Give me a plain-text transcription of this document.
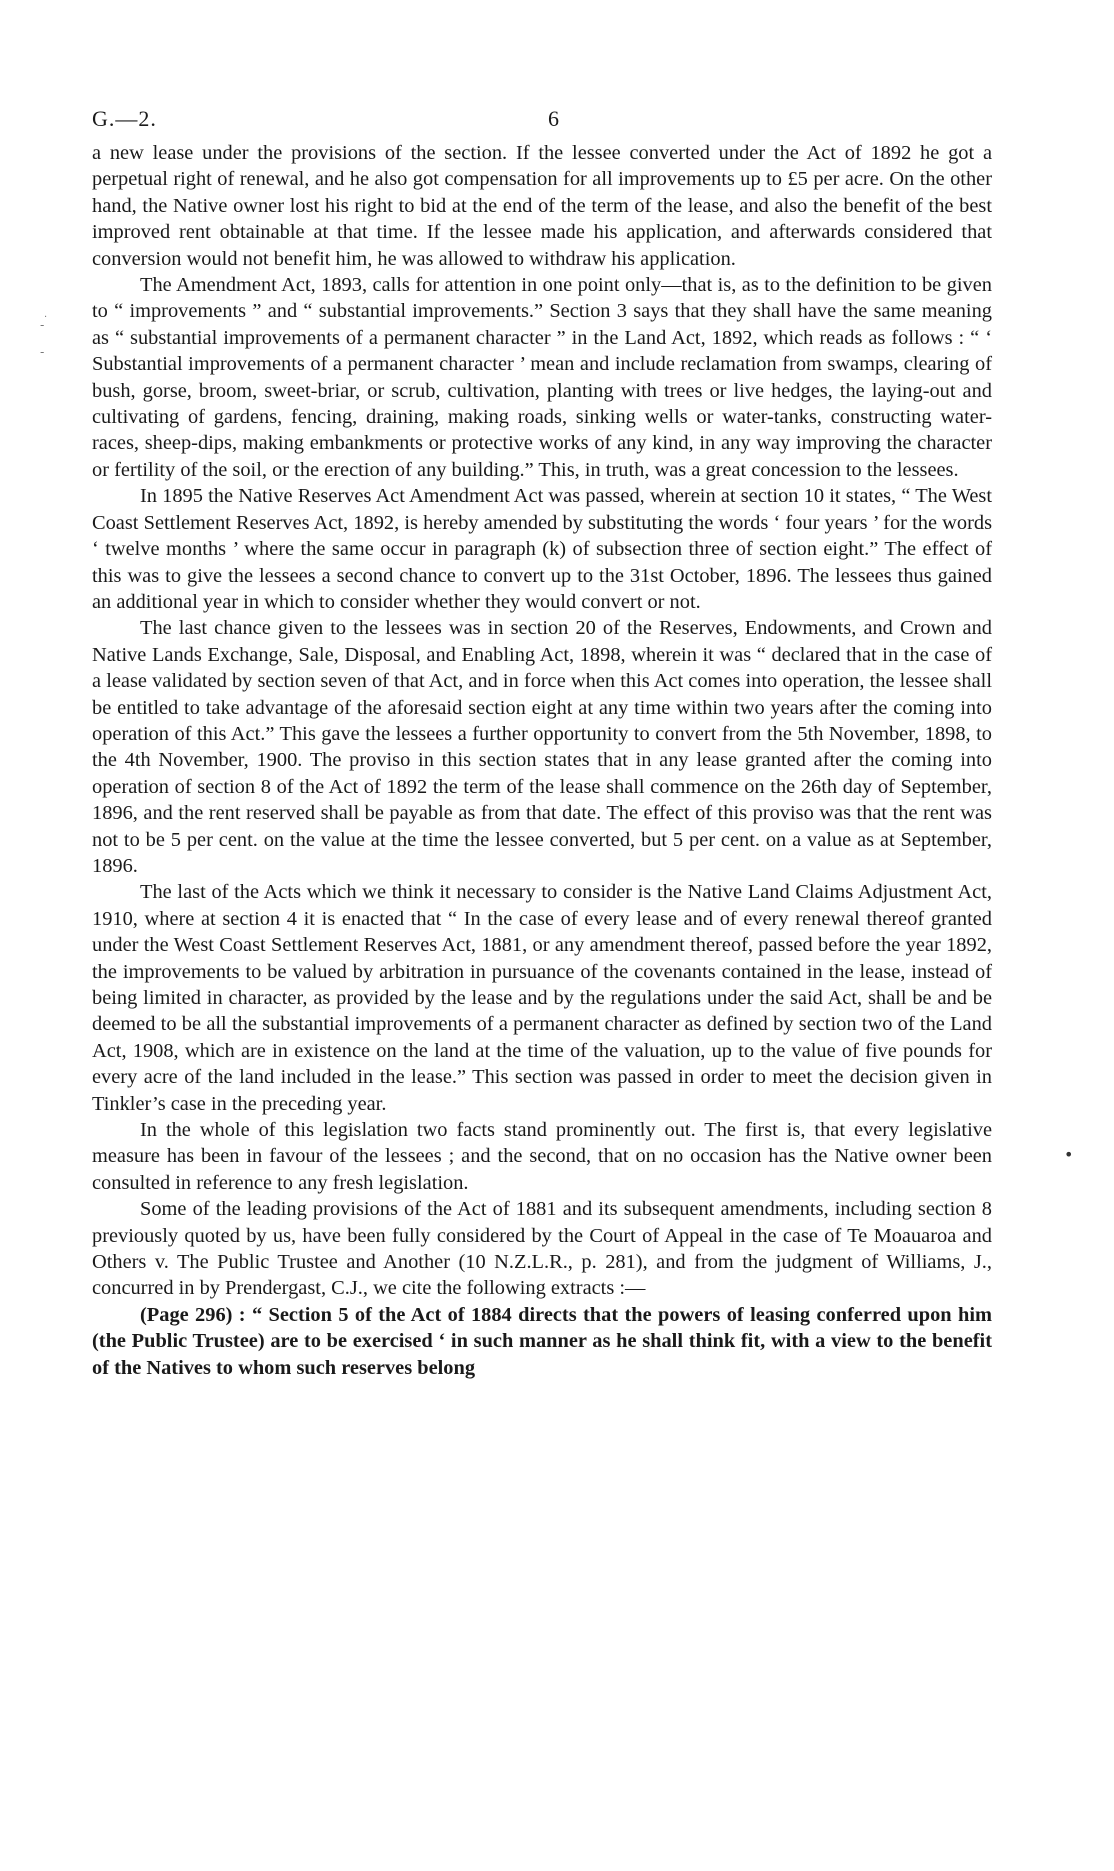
‐
‐
·
•
G.—2.	6

a new lease under the provisions of the section. If the lessee converted under the Act of 1892 he got a perpetual right of renewal, and he also got compensation for all improvements up to £5 per acre. On the other hand, the Native owner lost his right to bid at the end of the term of the lease, and also the benefit of the best improved rent obtainable at that time. If the lessee made his application, and afterwards considered that conversion would not benefit him, he was allowed to withdraw his application.

The Amendment Act, 1893, calls for attention in one point only—that is, as to the definition to be given to “ improvements ” and “ substantial improvements.” Section 3 says that they shall have the same meaning as “ substantial improvements of a permanent character ” in the Land Act, 1892, which reads as follows : “ ‘ Substantial improvements of a permanent character ’ mean and include reclamation from swamps, clearing of bush, gorse, broom, sweet-briar, or scrub, cultivation, planting with trees or live hedges, the laying-out and cultivating of gardens, fencing, draining, making roads, sinking wells or water-tanks, constructing water-races, sheep-dips, making embankments or protective works of any kind, in any way improving the character or fertility of the soil, or the erection of any building.” This, in truth, was a great concession to the lessees.

In 1895 the Native Reserves Act Amendment Act was passed, wherein at section 10 it states, “ The West Coast Settlement Reserves Act, 1892, is hereby amended by substituting the words ‘ four years ’ for the words ‘ twelve months ’ where the same occur in paragraph (k) of subsection three of section eight.” The effect of this was to give the lessees a second chance to convert up to the 31st October, 1896. The lessees thus gained an additional year in which to consider whether they would convert or not.

The last chance given to the lessees was in section 20 of the Reserves, Endowments, and Crown and Native Lands Exchange, Sale, Disposal, and Enabling Act, 1898, wherein it was “ declared that in the case of a lease validated by section seven of that Act, and in force when this Act comes into operation, the lessee shall be entitled to take advantage of the aforesaid section eight at any time within two years after the coming into operation of this Act.” This gave the lessees a further opportunity to convert from the 5th November, 1898, to the 4th November, 1900. The proviso in this section states that in any lease granted after the coming into operation of section 8 of the Act of 1892 the term of the lease shall commence on the 26th day of September, 1896, and the rent reserved shall be payable as from that date. The effect of this proviso was that the rent was not to be 5 per cent. on the value at the time the lessee converted, but 5 per cent. on a value as at September, 1896.

The last of the Acts which we think it necessary to consider is the Native Land Claims Adjustment Act, 1910, where at section 4 it is enacted that “ In the case of every lease and of every renewal thereof granted under the West Coast Settlement Reserves Act, 1881, or any amendment thereof, passed before the year 1892, the improvements to be valued by arbitration in pursuance of the covenants contained in the lease, instead of being limited in character, as provided by the lease and by the regulations under the said Act, shall be and be deemed to be all the substantial improvements of a permanent character as defined by section two of the Land Act, 1908, which are in existence on the land at the time of the valuation, up to the value of five pounds for every acre of the land included in the lease.” This section was passed in order to meet the decision given in Tinkler’s case in the preceding year.

In the whole of this legislation two facts stand prominently out. The first is, that every legislative measure has been in favour of the lessees ; and the second, that on no occasion has the Native owner been consulted in reference to any fresh legislation.

Some of the leading provisions of the Act of 1881 and its subsequent amendments, including section 8 previously quoted by us, have been fully considered by the Court of Appeal in the case of Te Moauaroa and Others v. The Public Trustee and Another (10 N.Z.L.R., p. 281), and from the judgment of Williams, J., concurred in by Prendergast, C.J., we cite the following extracts :—

(Page 296) : “ Section 5 of the Act of 1884 directs that the powers of leasing conferred upon him (the Public Trustee) are to be exercised ‘ in such manner as he shall think fit, with a view to the benefit of the Natives to whom such reserves belong
